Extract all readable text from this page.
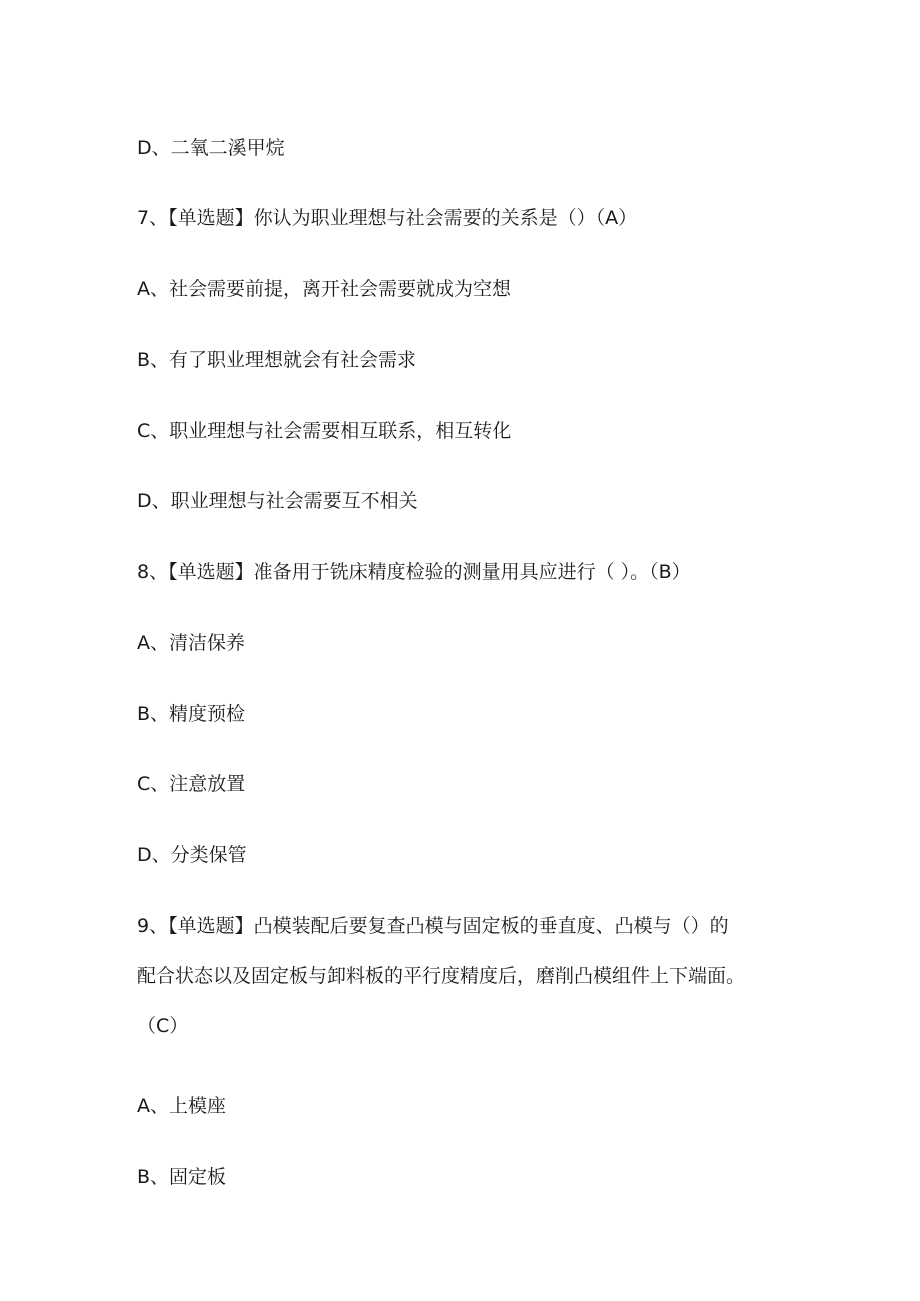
D、二氧二溪甲烷
7、【单选题】你认为职业理想与社会需要的关系是（）（A）
A、社会需要前提，离开社会需要就成为空想
B、有了职业理想就会有社会需求
C、职业理想与社会需要相互联系，相互转化
D、职业理想与社会需要互不相关
8、【单选题】准备用于铣床精度检验的测量用具应进行（ ）。（B）
A、清洁保养
B、精度预检
C、注意放置
D、分类保管
9、【单选题】凸模装配后要复查凸模与固定板的垂直度、凸模与（）的
配合状态以及固定板与卸料板的平行度精度后，磨削凸模组件上下端面。
（C）
A、上模座
B、固定板
